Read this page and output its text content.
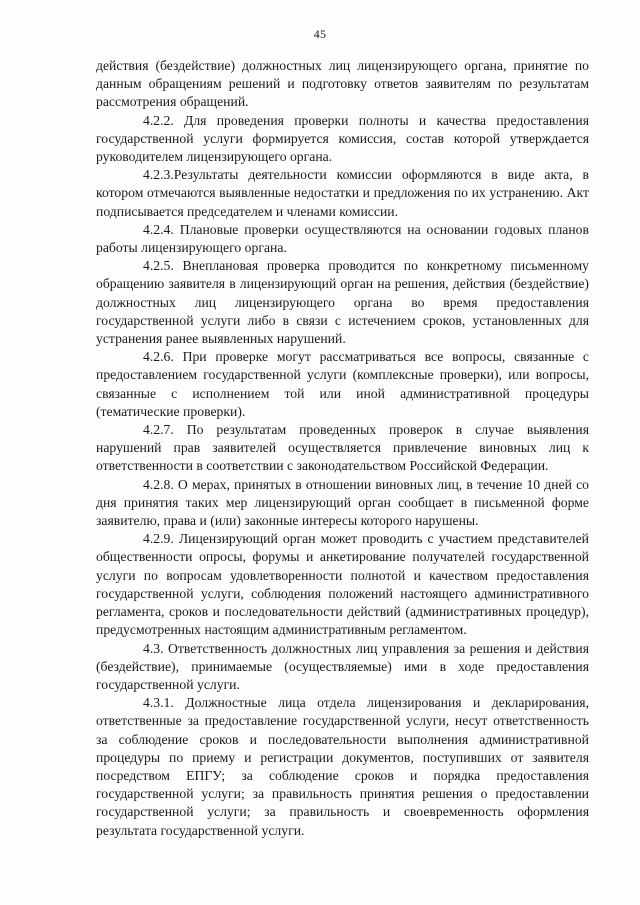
45

действия (бездействие) должностных лиц лицензирующего органа, принятие по данным обращениям решений и подготовку ответов заявителям по результатам рассмотрения обращений.

4.2.2. Для проведения проверки полноты и качества предоставления государственной услуги формируется комиссия, состав которой утверждается руководителем лицензирующего органа.

4.2.3.Результаты деятельности комиссии оформляются в виде акта, в котором отмечаются выявленные недостатки и предложения по их устранению. Акт подписывается председателем и членами комиссии.

4.2.4. Плановые проверки осуществляются на основании годовых планов работы лицензирующего органа.

4.2.5. Внеплановая проверка проводится по конкретному письменному обращению заявителя в лицензирующий орган на решения, действия (бездействие) должностных лиц лицензирующего органа во время предоставления государственной услуги либо в связи с истечением сроков, установленных для устранения ранее выявленных нарушений.

4.2.6. При проверке могут рассматриваться все вопросы, связанные с предоставлением государственной услуги (комплексные проверки), или вопросы, связанные с исполнением той или иной административной процедуры (тематические проверки).

4.2.7. По результатам проведенных проверок в случае выявления нарушений прав заявителей осуществляется привлечение виновных лиц к ответственности в соответствии с законодательством Российской Федерации.

4.2.8. О мерах, принятых в отношении виновных лиц, в течение 10 дней со дня принятия таких мер лицензирующий орган сообщает в письменной форме заявителю, права и (или) законные интересы которого нарушены.

4.2.9. Лицензирующий орган может проводить с участием представителей общественности опросы, форумы и анкетирование получателей государственной услуги по вопросам удовлетворенности полнотой и качеством предоставления государственной услуги, соблюдения положений настоящего административного регламента, сроков и последовательности действий (административных процедур), предусмотренных настоящим административным регламентом.

4.3. Ответственность должностных лиц управления за решения и действия (бездействие), принимаемые (осуществляемые) ими в ходе предоставления государственной услуги.

4.3.1. Должностные лица отдела лицензирования и декларирования, ответственные за предоставление государственной услуги, несут ответственность за соблюдение сроков и последовательности выполнения административной процедуры по приему и регистрации документов, поступивших от заявителя посредством ЕПГУ; за соблюдение сроков и порядка предоставления государственной услуги; за правильность принятия решения о предоставлении государственной услуги; за правильность и своевременность оформления результата государственной услуги.
